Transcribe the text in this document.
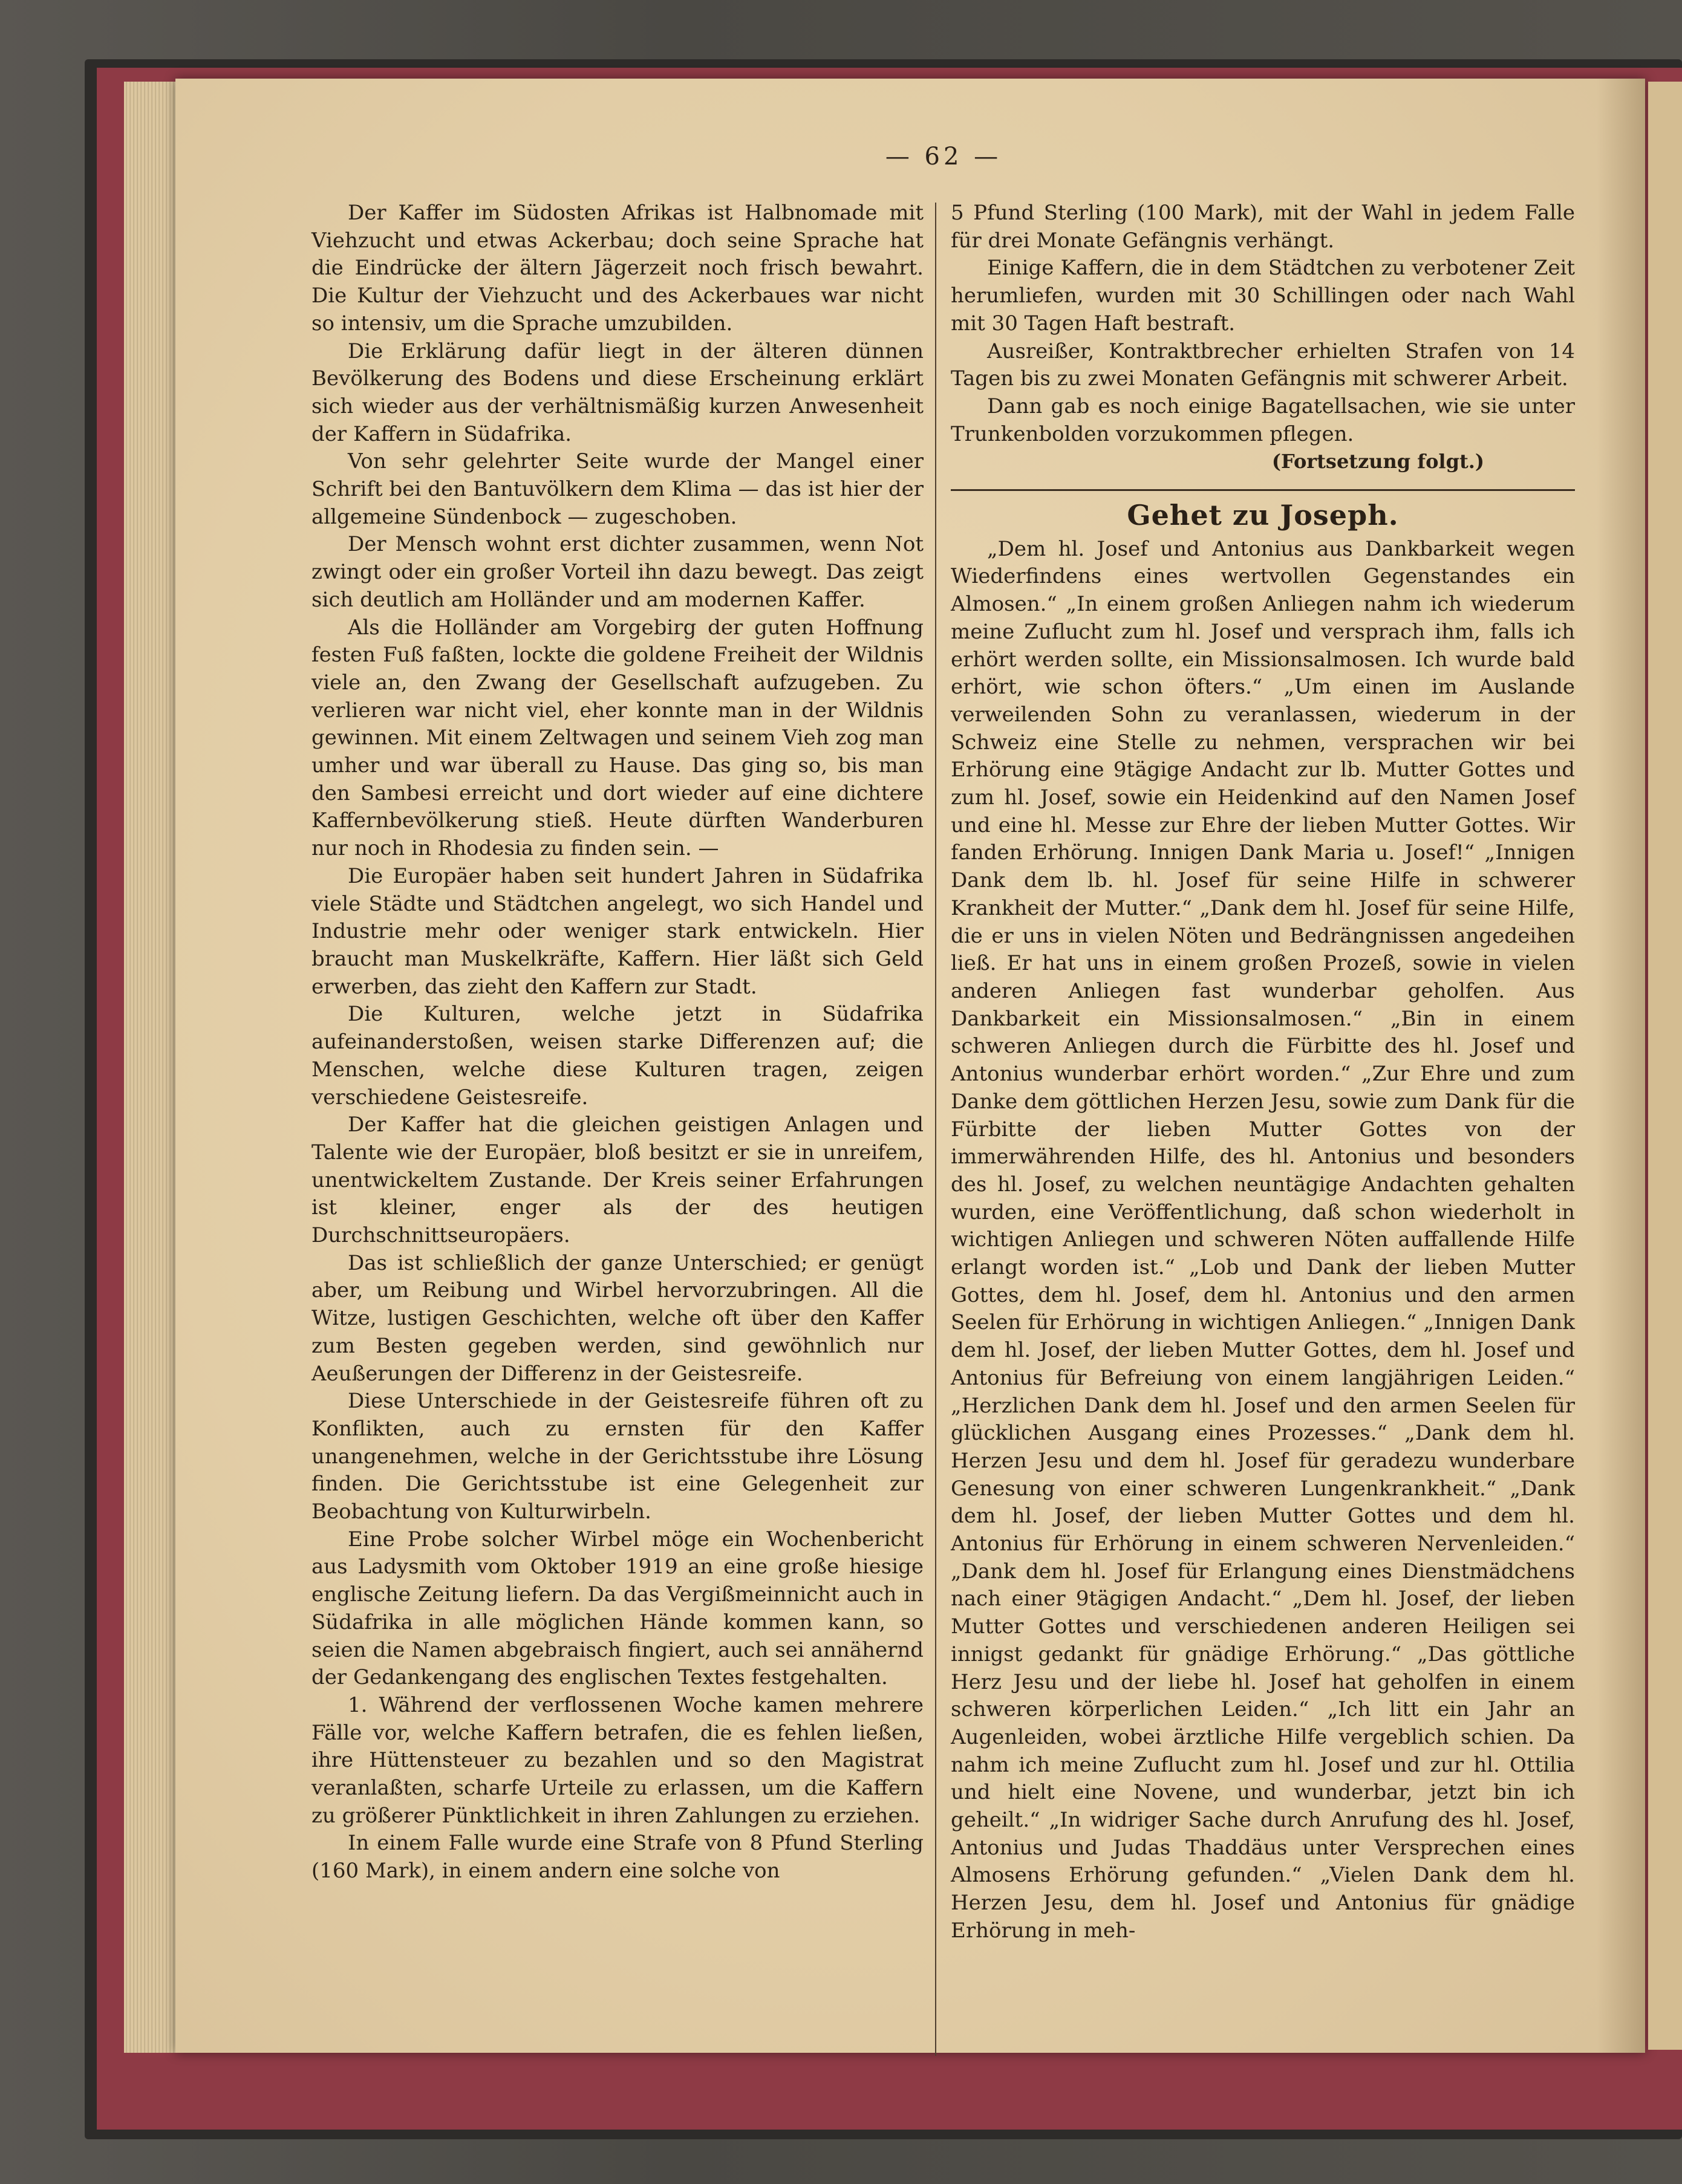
— 62 —

Der Kaffer im Südosten Afrikas ist Halbnomade mit Viehzucht und etwas Ackerbau; doch seine Sprache hat die Eindrücke der ältern Jägerzeit noch frisch bewahrt. Die Kultur der Viehzucht und des Ackerbaues war nicht so intensiv, um die Sprache umzubilden.

Die Erklärung dafür liegt in der älteren dünnen Bevölkerung des Bodens und diese Erscheinung erklärt sich wieder aus der verhältnismäßig kurzen Anwesenheit der Kaffern in Südafrika.

Von sehr gelehrter Seite wurde der Mangel einer Schrift bei den Bantuvölkern dem Klima — das ist hier der allgemeine Sündenbock — zugeschoben.

Der Mensch wohnt erst dichter zusammen, wenn Not zwingt oder ein großer Vorteil ihn dazu bewegt. Das zeigt sich deutlich am Holländer und am modernen Kaffer.

Als die Holländer am Vorgebirg der guten Hoffnung festen Fuß faßten, lockte die goldene Freiheit der Wildnis viele an, den Zwang der Gesellschaft aufzugeben. Zu verlieren war nicht viel, eher konnte man in der Wildnis gewinnen. Mit einem Zeltwagen und seinem Vieh zog man umher und war überall zu Hause. Das ging so, bis man den Sambesi erreicht und dort wieder auf eine dichtere Kaffernbevölkerung stieß. Heute dürften Wanderburen nur noch in Rhodesia zu finden sein. —

Die Europäer haben seit hundert Jahren in Südafrika viele Städte und Städtchen angelegt, wo sich Handel und Industrie mehr oder weniger stark entwickeln. Hier braucht man Muskelkräfte, Kaffern. Hier läßt sich Geld erwerben, das zieht den Kaffern zur Stadt.

Die Kulturen, welche jetzt in Südafrika aufeinanderstoßen, weisen starke Differenzen auf; die Menschen, welche diese Kulturen tragen, zeigen verschiedene Geistesreife.

Der Kaffer hat die gleichen geistigen Anlagen und Talente wie der Europäer, bloß besitzt er sie in unreifem, unentwickeltem Zustande. Der Kreis seiner Erfahrungen ist kleiner, enger als der des heutigen Durchschnittseuropäers.

Das ist schließlich der ganze Unterschied; er genügt aber, um Reibung und Wirbel hervorzubringen. All die Witze, lustigen Geschichten, welche oft über den Kaffer zum Besten gegeben werden, sind gewöhnlich nur Aeußerungen der Differenz in der Geistesreife.

Diese Unterschiede in der Geistesreife führen oft zu Konflikten, auch zu ernsten für den Kaffer unangenehmen, welche in der Gerichtsstube ihre Lösung finden. Die Gerichtsstube ist eine Gelegenheit zur Beobachtung von Kulturwirbeln.

Eine Probe solcher Wirbel möge ein Wochenbericht aus Ladysmith vom Oktober 1919 an eine große hiesige englische Zeitung liefern. Da das Vergißmeinnicht auch in Südafrika in alle möglichen Hände kommen kann, so seien die Namen abgebraisch fingiert, auch sei annähernd der Gedankengang des englischen Textes festgehalten.

1. Während der verflossenen Woche kamen mehrere Fälle vor, welche Kaffern betrafen, die es fehlen ließen, ihre Hüttensteuer zu bezahlen und so den Magistrat veranlaßten, scharfe Urteile zu erlassen, um die Kaffern zu größerer Pünktlichkeit in ihren Zahlungen zu erziehen.

In einem Falle wurde eine Strafe von 8 Pfund Sterling (160 Mark), in einem andern eine solche von

5 Pfund Sterling (100 Mark), mit der Wahl in jedem Falle für drei Monate Gefängnis verhängt.

Einige Kaffern, die in dem Städtchen zu verbotener Zeit herumliefen, wurden mit 30 Schillingen oder nach Wahl mit 30 Tagen Haft bestraft.

Ausreißer, Kontraktbrecher erhielten Strafen von 14 Tagen bis zu zwei Monaten Gefängnis mit schwerer Arbeit.

Dann gab es noch einige Bagatellsachen, wie sie unter Trunkenbolden vorzukommen pflegen.

(Fortsetzung folgt.)

Gehet zu Joseph.

„Dem hl. Josef und Antonius aus Dankbarkeit wegen Wiederfindens eines wertvollen Gegenstandes ein Almosen.“ „In einem großen Anliegen nahm ich wiederum meine Zuflucht zum hl. Josef und versprach ihm, falls ich erhört werden sollte, ein Missionsalmosen. Ich wurde bald erhört, wie schon öfters.“ „Um einen im Auslande verweilenden Sohn zu veranlassen, wiederum in der Schweiz eine Stelle zu nehmen, versprachen wir bei Erhörung eine 9tägige Andacht zur lb. Mutter Gottes und zum hl. Josef, sowie ein Heidenkind auf den Namen Josef und eine hl. Messe zur Ehre der lieben Mutter Gottes. Wir fanden Erhörung. Innigen Dank Maria u. Josef!“ „Innigen Dank dem lb. hl. Josef für seine Hilfe in schwerer Krankheit der Mutter.“ „Dank dem hl. Josef für seine Hilfe, die er uns in vielen Nöten und Bedrängnissen angedeihen ließ. Er hat uns in einem großen Prozeß, sowie in vielen anderen Anliegen fast wunderbar geholfen. Aus Dankbarkeit ein Missionsalmosen.“ „Bin in einem schweren Anliegen durch die Fürbitte des hl. Josef und Antonius wunderbar erhört worden.“ „Zur Ehre und zum Danke dem göttlichen Herzen Jesu, sowie zum Dank für die Fürbitte der lieben Mutter Gottes von der immerwährenden Hilfe, des hl. Antonius und besonders des hl. Josef, zu welchen neuntägige Andachten gehalten wurden, eine Veröffentlichung, daß schon wiederholt in wichtigen Anliegen und schweren Nöten auffallende Hilfe erlangt worden ist.“ „Lob und Dank der lieben Mutter Gottes, dem hl. Josef, dem hl. Antonius und den armen Seelen für Erhörung in wichtigen Anliegen.“ „Innigen Dank dem hl. Josef, der lieben Mutter Gottes, dem hl. Josef und Antonius für Befreiung von einem langjährigen Leiden.“ „Herzlichen Dank dem hl. Josef und den armen Seelen für glücklichen Ausgang eines Prozesses.“ „Dank dem hl. Herzen Jesu und dem hl. Josef für geradezu wunderbare Genesung von einer schweren Lungenkrankheit.“ „Dank dem hl. Josef, der lieben Mutter Gottes und dem hl. Antonius für Erhörung in einem schweren Nervenleiden.“ „Dank dem hl. Josef für Erlangung eines Dienstmädchens nach einer 9tägigen Andacht.“ „Dem hl. Josef, der lieben Mutter Gottes und verschiedenen anderen Heiligen sei innigst gedankt für gnädige Erhörung.“ „Das göttliche Herz Jesu und der liebe hl. Josef hat geholfen in einem schweren körperlichen Leiden.“ „Ich litt ein Jahr an Augenleiden, wobei ärztliche Hilfe vergeblich schien. Da nahm ich meine Zuflucht zum hl. Josef und zur hl. Ottilia und hielt eine Novene, und wunderbar, jetzt bin ich geheilt.“ „In widriger Sache durch Anrufung des hl. Josef, Antonius und Judas Thaddäus unter Versprechen eines Almosens Erhörung gefunden.“ „Vielen Dank dem hl. Herzen Jesu, dem hl. Josef und Antonius für gnädige Erhörung in meh-
